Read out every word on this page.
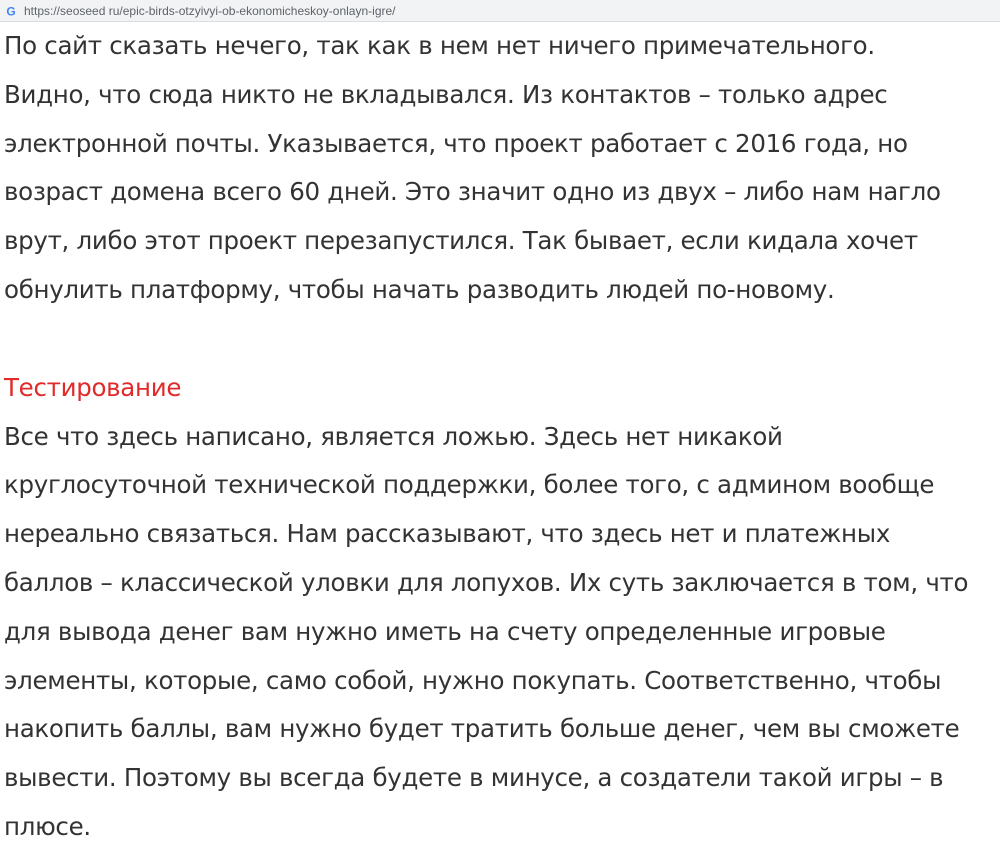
G https://seoseed ru/epic-birds-otzyivyi-ob-ekonomicheskoy-onlayn-igre/
По сайт сказать нечего, так как в нем нет ничего примечательного.
Видно, что сюда никто не вкладывался. Из контактов – только адрес
электронной почты. Указывается, что проект работает с 2016 года, но
возраст домена всего 60 дней. Это значит одно из двух – либо нам нагло
врут, либо этот проект перезапустился. Так бывает, если кидала хочет
обнулить платформу, чтобы начать разводить людей по-новому.
Тестирование
Все что здесь написано, является ложью. Здесь нет никакой
круглосуточной технической поддержки, более того, с админом вообще
нереально связаться. Нам рассказывают, что здесь нет и платежных
баллов – классической уловки для лопухов. Их суть заключается в том, что
для вывода денег вам нужно иметь на счету определенные игровые
элементы, которые, само собой, нужно покупать. Соответственно, чтобы
накопить баллы, вам нужно будет тратить больше денег, чем вы сможете
вывести. Поэтому вы всегда будете в минусе, а создатели такой игры – в
плюсе.
